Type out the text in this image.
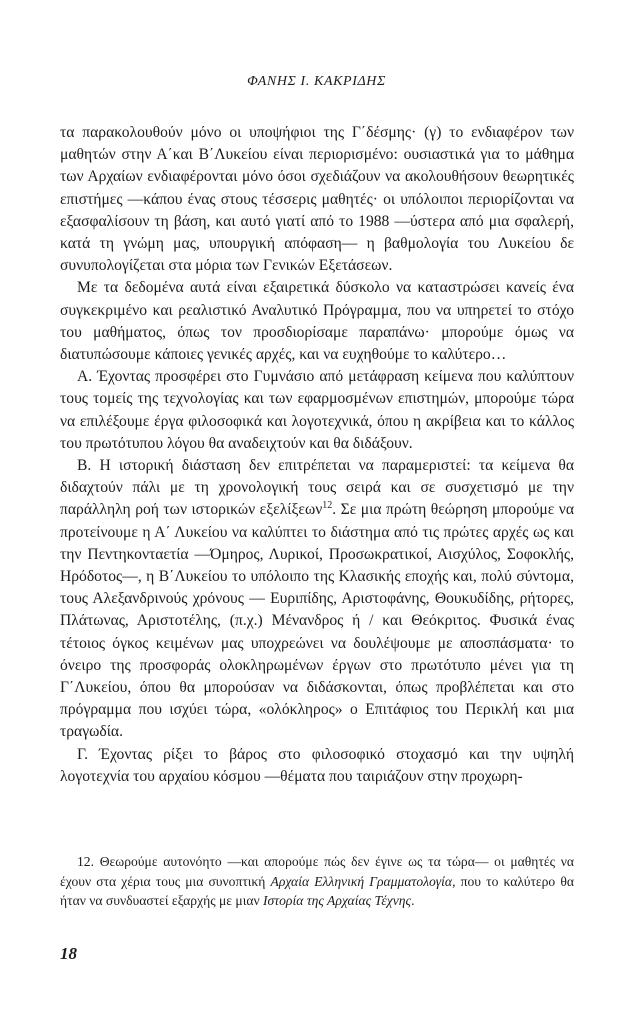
ΦΑΝΗΣ Ι. ΚΑΚΡΙΔΗΣ

τα παρακολουθούν μόνο οι υποψήφιοι της Γ΄δέσμης· (γ) το ενδιαφέρον των μαθητών στην Α΄και Β΄Λυκείου είναι περιορισμένο: ουσιαστικά για το μάθημα των Αρχαίων ενδιαφέρονται μόνο όσοι σχεδιάζουν να ακολουθήσουν θεωρητικές επιστήμες —κάπου ένας στους τέσσερις μαθητές· οι υπόλοιποι περιορίζονται να εξασφαλίσουν τη βάση, και αυτό γιατί από το 1988 —ύστερα από μια σφαλερή, κατά τη γνώμη μας, υπουργική απόφαση— η βαθμολογία του Λυκείου δε συνυπολογίζεται στα μόρια των Γενικών Εξετάσεων.

Με τα δεδομένα αυτά είναι εξαιρετικά δύσκολο να καταστρώσει κανείς ένα συγκεκριμένο και ρεαλιστικό Αναλυτικό Πρόγραμμα, που να υπηρετεί το στόχο του μαθήματος, όπως τον προσδιορίσαμε παραπάνω· μπορούμε όμως να διατυπώσουμε κάποιες γενικές αρχές, και να ευχηθούμε το καλύτερο…

Α. Έχοντας προσφέρει στο Γυμνάσιο από μετάφραση κείμενα που καλύπτουν τους τομείς της τεχνολογίας και των εφαρμοσμένων επιστημών, μπορούμε τώρα να επιλέξουμε έργα φιλοσοφικά και λογοτεχνικά, όπου η ακρίβεια και το κάλλος του πρωτότυπου λόγου θα αναδειχτούν και θα διδάξουν.

Β. Η ιστορική διάσταση δεν επιτρέπεται να παραμεριστεί: τα κείμενα θα διδαχτούν πάλι με τη χρονολογική τους σειρά και σε συσχετισμό με την παράλληλη ροή των ιστορικών εξελίξεων$^{12}$. Σε μια πρώτη θεώρηση μπορούμε να προτείνουμε η Α΄ Λυκείου να καλύπτει το διάστημα από τις πρώτες αρχές ως και την Πεντηκονταετία —Όμηρος, Λυρικοί, Προσωκρατικοί, Αισχύλος, Σοφοκλής, Ηρόδοτος—, η Β΄Λυκείου το υπόλοιπο της Κλασικής εποχής και, πολύ σύντομα, τους Αλεξανδρινούς χρόνους — Ευριπίδης, Αριστοφάνης, Θουκυδίδης, ρήτορες, Πλάτωνας, Αριστοτέλης, (π.χ.) Μένανδρος ή / και Θεόκριτος. Φυσικά ένας τέτοιος όγκος κειμένων μας υποχρεώνει να δουλέψουμε με αποσπάσματα· το όνειρο της προσφοράς ολοκληρωμένων έργων στο πρωτότυπο μένει για τη Γ΄Λυκείου, όπου θα μπορούσαν να διδάσκονται, όπως προβλέπεται και στο πρόγραμμα που ισχύει τώρα, «ολόκληρος» ο Επιτάφιος του Περικλή και μια τραγωδία.

Γ. Έχοντας ρίξει το βάρος στο φιλοσοφικό στοχασμό και την υψηλή λογοτεχνία του αρχαίου κόσμου —θέματα που ταιριάζουν στην προχωρη-

12. Θεωρούμε αυτονόητο —και απορούμε πώς δεν έγινε ως τα τώρα— οι μαθητές να έχουν στα χέρια τους μια συνοπτική Αρχαία Ελληνική Γραμματολογία, που το καλύτερο θα ήταν να συνδυαστεί εξαρχής με μιαν Ιστορία της Αρχαίας Τέχνης.

18
